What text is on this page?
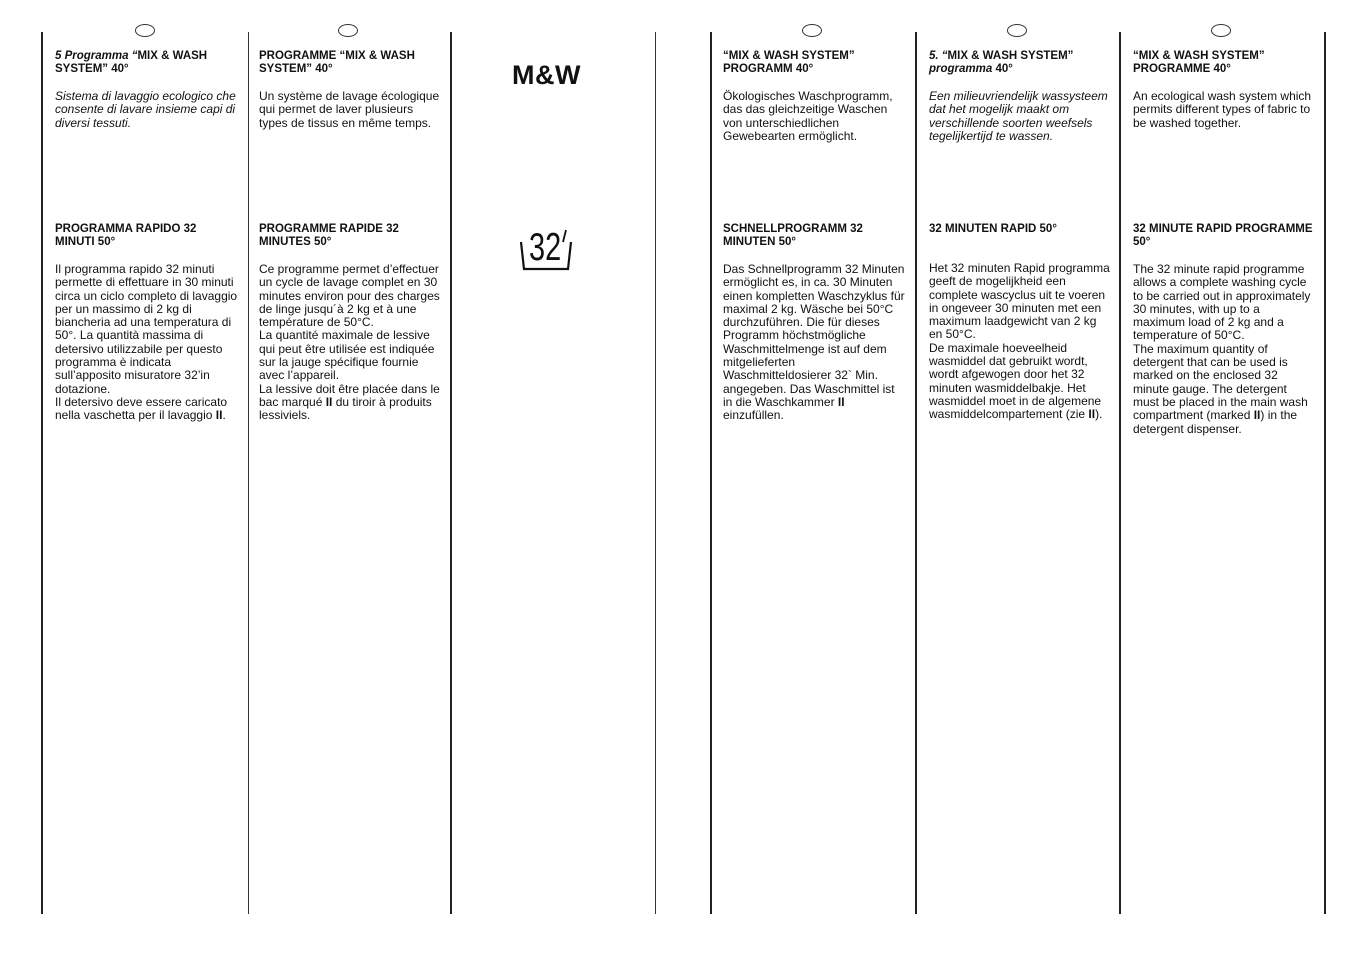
M&W
32
5 Programma “MIX & WASH SYSTEM” 40°
Sistema di lavaggio ecologico che consente di lavare insieme capi di diversi tessuti.
PROGRAMMA RAPIDO 32 MINUTI 50°
Il programma rapido 32 minuti permette di effettuare in 30 minuti circa un ciclo completo di lavaggio per un massimo di 2 kg di biancheria ad una temperatura di 50°. La quantità massima di detersivo utilizzabile per questo programma è indicata sull’apposito misuratore 32’in dotazione.
Il detersivo deve essere caricato nella vaschetta per il lavaggio II.
PROGRAMME “MIX & WASH SYSTEM” 40°
Un système de lavage écologique qui permet de laver plusieurs types de tissus en même temps.
PROGRAMME RAPIDE 32 MINUTES 50°
Ce programme permet d’effectuer un cycle de lavage complet en 30 minutes environ pour des charges de linge jusqu´à 2 kg et à une température de 50°C.
La quantité maximale de lessive qui peut être utilisée est indiquée sur la jauge spécifique fournie avec l’appareil.
La lessive doit être placée dans le bac marqué II du tiroir à produits lessiviels.
“MIX & WASH SYSTEM” PROGRAMM 40°
Ökologisches Waschprogramm, das das gleichzeitige Waschen von unterschiedlichen Gewebearten ermöglicht.
SCHNELLPROGRAMM 32 MINUTEN 50°
Das Schnellprogramm 32 Minuten ermöglicht es, in ca. 30 Minuten einen kompletten Waschzyklus für maximal 2 kg. Wäsche bei 50°C durchzuführen. Die für dieses Programm höchstmögliche Waschmittelmenge ist auf dem mitgelieferten Waschmitteldosierer 32` Min. angegeben. Das Waschmittel ist in die Waschkammer II einzufüllen.
5. “MIX & WASH SYSTEM”
programma 40°
Een milieuvriendelijk wassysteem dat het mogelijk maakt om verschillende soorten weefsels tegelijkertijd te wassen.
32 MINUTEN RAPID 50°
Het 32 minuten Rapid programma geeft de mogelijkheid een complete wascyclus uit te voeren in ongeveer 30 minuten met een maximum laadgewicht van 2 kg en 50°C.
De maximale hoeveelheid wasmiddel dat gebruikt wordt, wordt afgewogen door het 32 minuten wasmiddelbakje. Het wasmiddel moet in de algemene wasmiddelcompartement (zie II).
“MIX & WASH SYSTEM” PROGRAMME 40°
An ecological wash system which permits different types of fabric to be washed together.
32 MINUTE RAPID PROGRAMME 50°
The 32 minute rapid programme allows a complete washing cycle to be carried out in approximately 30 minutes, with up to a maximum load of 2 kg and a temperature of 50°C.
The maximum quantity of detergent that can be used is marked on the enclosed 32 minute gauge. The detergent must be placed in the main wash compartment (marked II) in the detergent dispenser.
